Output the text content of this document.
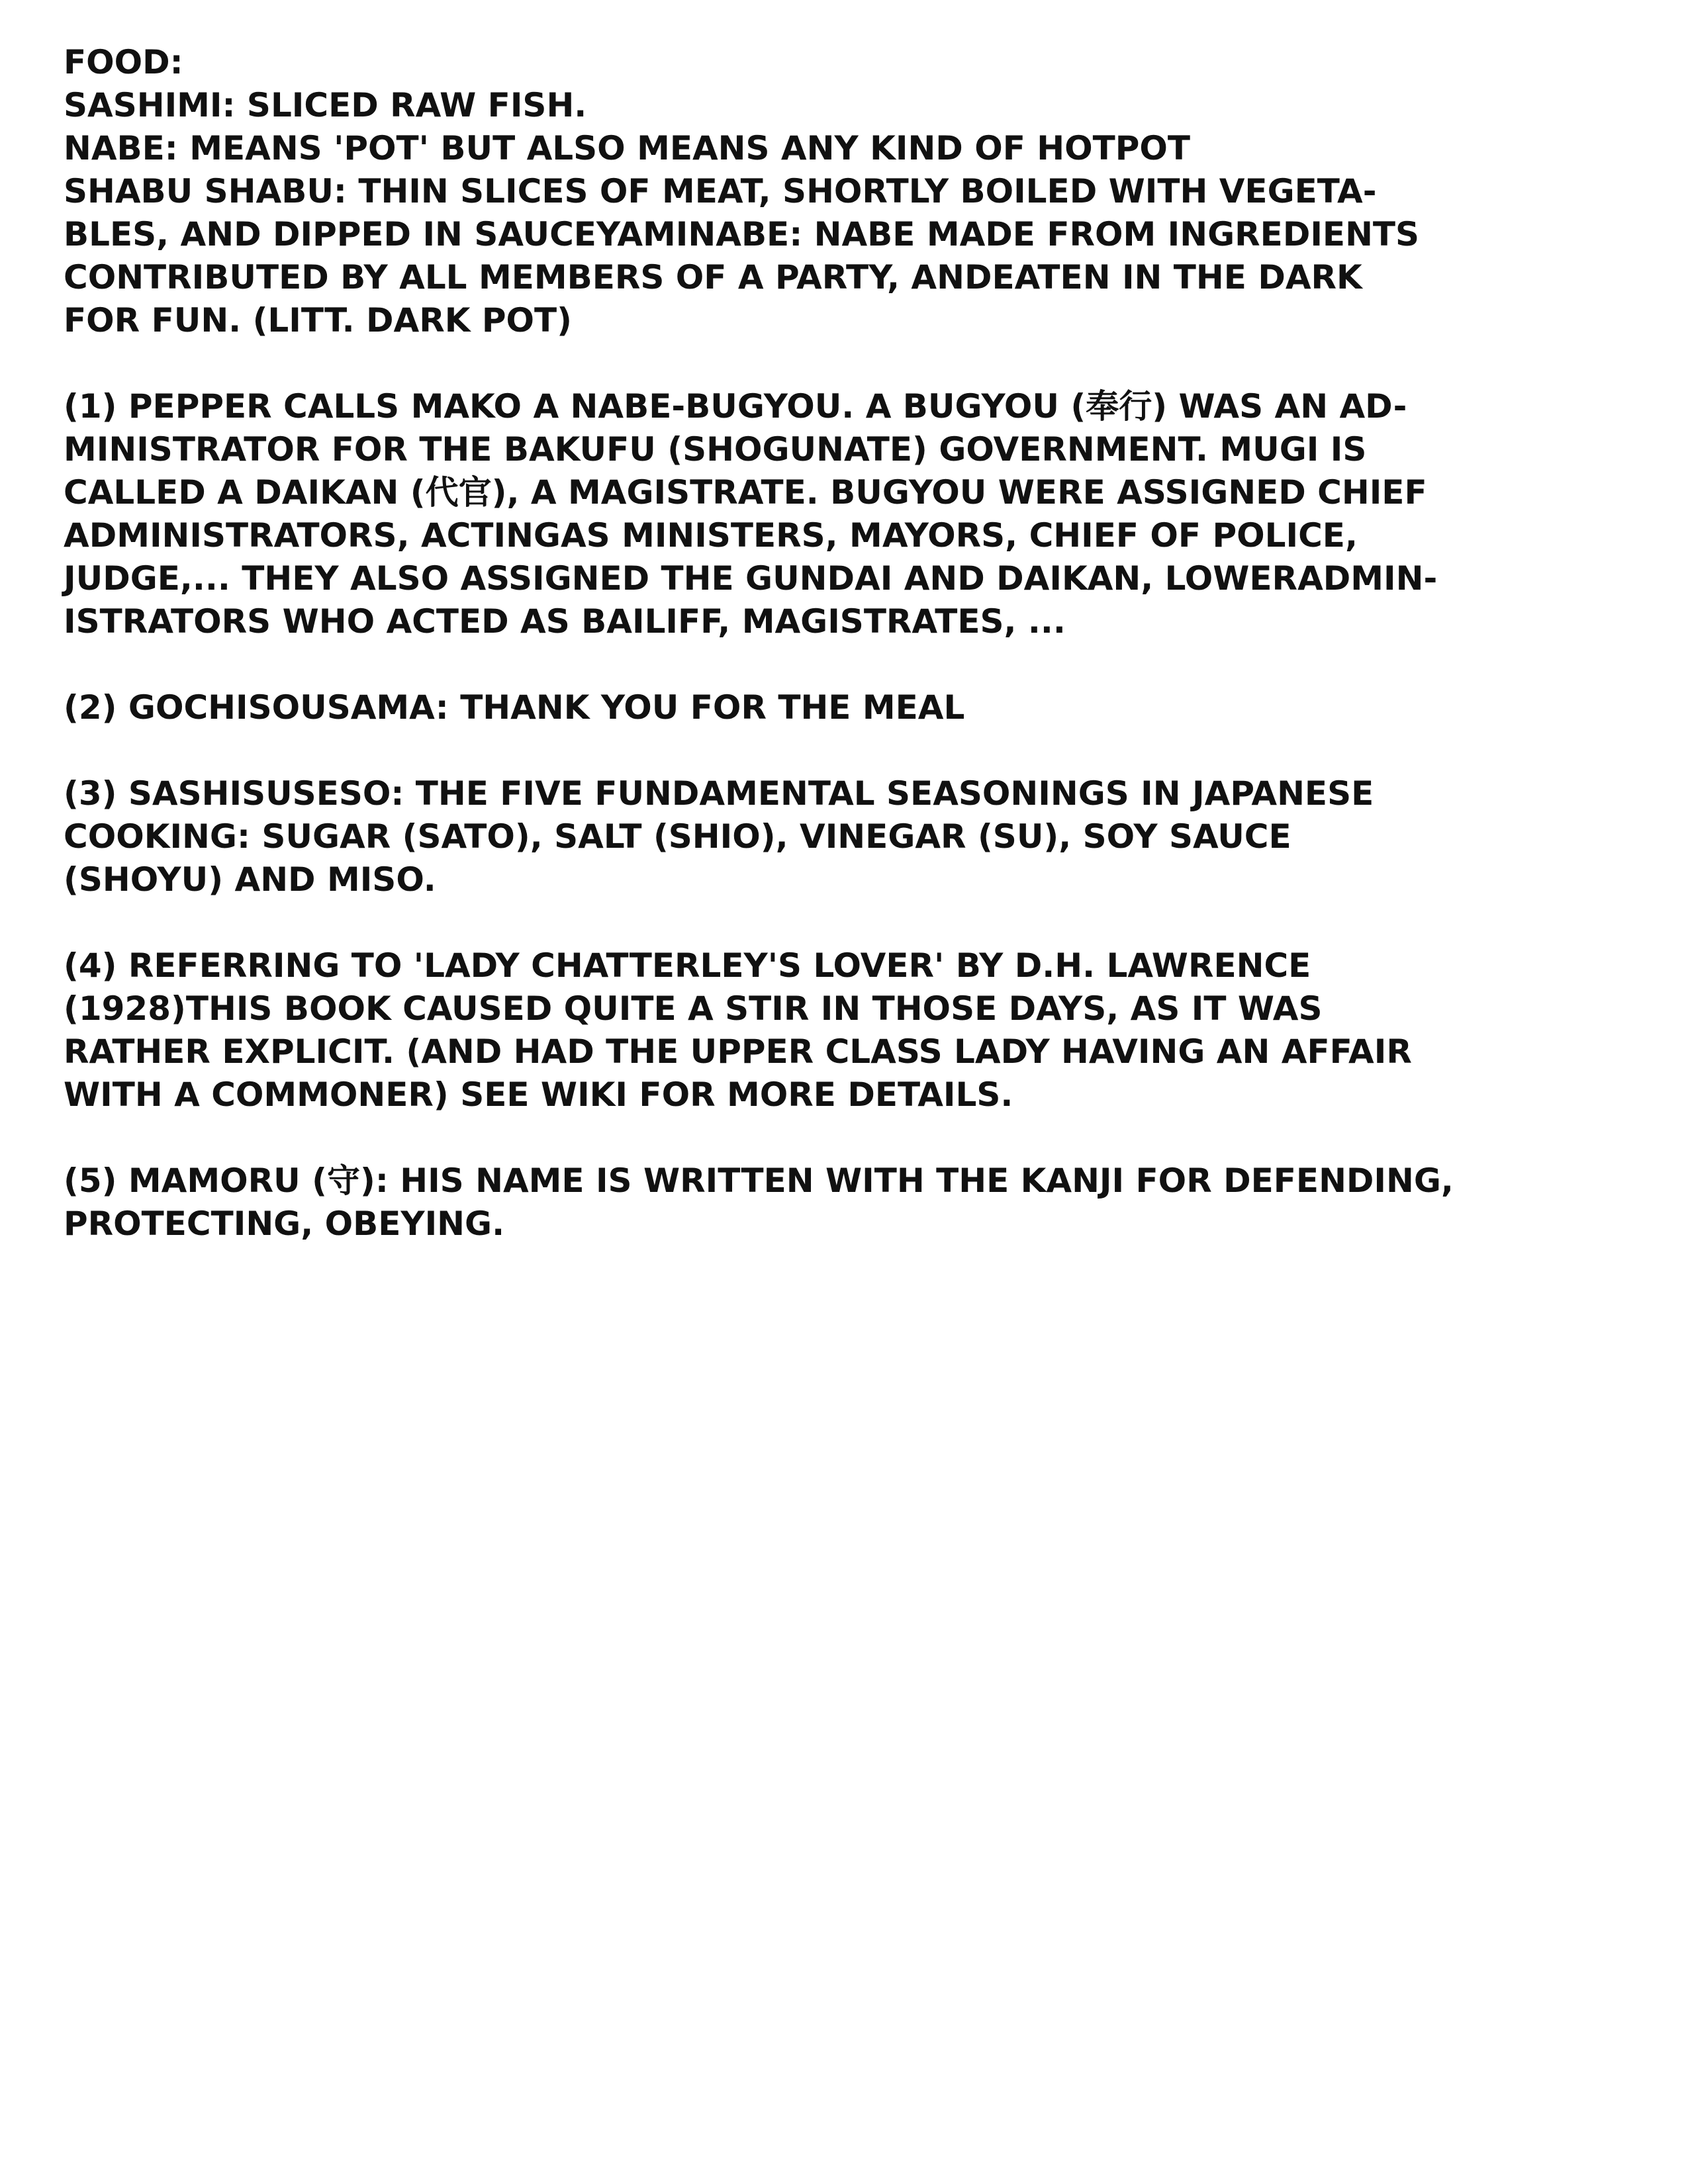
FOOD:
SASHIMI: SLICED RAW FISH.
NABE: MEANS 'POT' BUT ALSO MEANS ANY KIND OF HOTPOT
SHABU SHABU: THIN SLICES OF MEAT, SHORTLY BOILED WITH VEGETA-
BLES, AND DIPPED IN SAUCEYAMINABE: NABE MADE FROM INGREDIENTS
CONTRIBUTED BY ALL MEMBERS OF A PARTY, ANDEATEN IN THE DARK
FOR FUN. (LITT. DARK POT)
(1) PEPPER CALLS MAKO A NABE-BUGYOU. A BUGYOU (奉行) WAS AN AD-
MINISTRATOR FOR THE BAKUFU (SHOGUNATE) GOVERNMENT. MUGI IS
CALLED A DAIKAN (代官), A MAGISTRATE. BUGYOU WERE ASSIGNED CHIEF
ADMINISTRATORS, ACTINGAS MINISTERS, MAYORS, CHIEF OF POLICE,
JUDGE,... THEY ALSO ASSIGNED THE GUNDAI AND DAIKAN, LOWERADMIN-
ISTRATORS WHO ACTED AS BAILIFF, MAGISTRATES, ...
(2) GOCHISOUSAMA: THANK YOU FOR THE MEAL
(3) SASHISUSESO: THE FIVE FUNDAMENTAL SEASONINGS IN JAPANESE
COOKING: SUGAR (SATO), SALT (SHIO), VINEGAR (SU), SOY SAUCE
(SHOYU) AND MISO.
(4) REFERRING TO 'LADY CHATTERLEY'S LOVER' BY D.H. LAWRENCE
(1928)THIS BOOK CAUSED QUITE A STIR IN THOSE DAYS, AS IT WAS
RATHER EXPLICIT. (AND HAD THE UPPER CLASS LADY HAVING AN AFFAIR
WITH A COMMONER) SEE WIKI FOR MORE DETAILS.
(5) MAMORU (守): HIS NAME IS WRITTEN WITH THE KANJI FOR DEFENDING,
PROTECTING, OBEYING.
